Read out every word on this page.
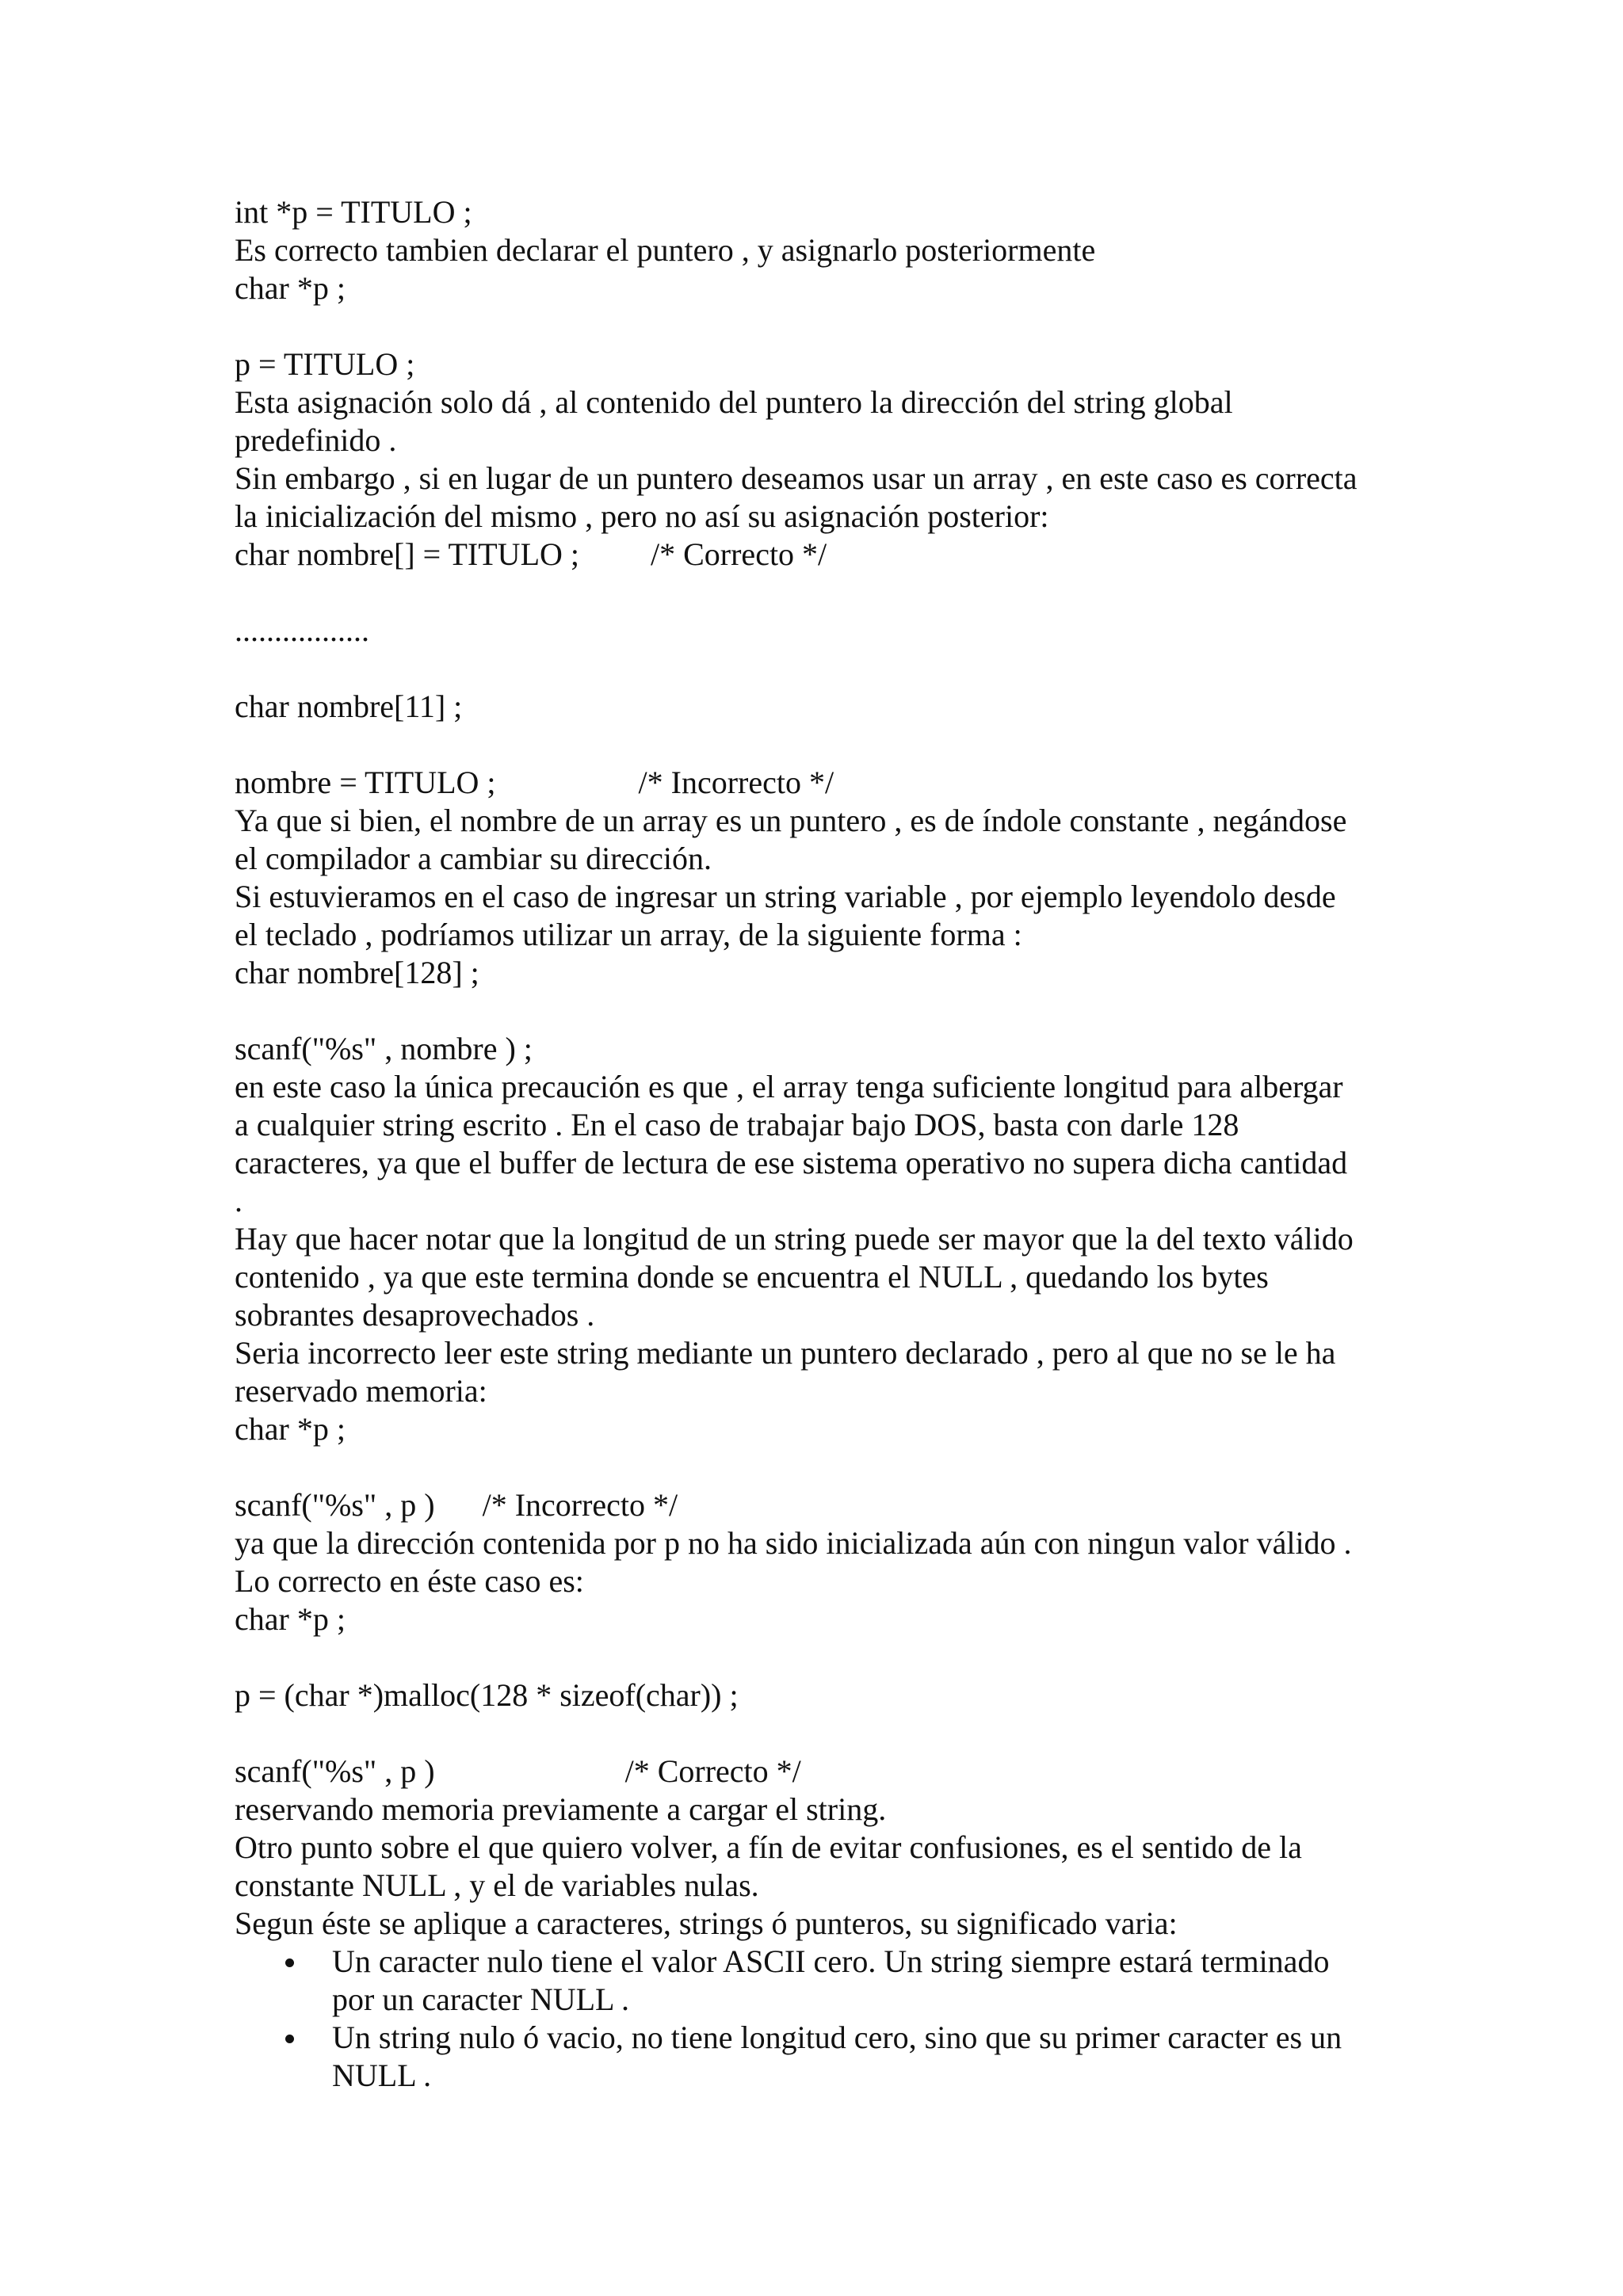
int *p = TITULO ;
Es correcto tambien declarar el puntero , y asignarlo posteriormente
char *p ;
p = TITULO ;
Esta asignación solo dá , al contenido del puntero la dirección del string global
predefinido .
Sin embargo , si en lugar de un puntero deseamos usar un array , en este caso es correcta
la inicialización del mismo , pero no así su asignación posterior:
char nombre[] = TITULO ;         /* Correcto */
.................
char nombre[11] ;
nombre = TITULO ;                  /* Incorrecto */
Ya que si bien, el nombre de un array es un puntero , es de índole constante , negándose
el compilador a cambiar su dirección.
Si estuvieramos en el caso de ingresar un string variable , por ejemplo leyendolo desde
el teclado , podríamos utilizar un array, de la siguiente forma :
char nombre[128] ;
scanf("%s" , nombre ) ;
en este caso la única precaución es que , el array tenga suficiente longitud para albergar
a cualquier string escrito . En el caso de trabajar bajo DOS, basta con darle 128
caracteres, ya que el buffer de lectura de ese sistema operativo no supera dicha cantidad
.
Hay que hacer notar que la longitud de un string puede ser mayor que la del texto válido
contenido , ya que este termina donde se encuentra el NULL , quedando los bytes
sobrantes desaprovechados .
Seria incorrecto leer este string mediante un puntero declarado , pero al que no se le ha
reservado memoria:
char *p ;
scanf("%s" , p )      /* Incorrecto */
ya que la dirección contenida por p no ha sido inicializada aún con ningun valor válido .
Lo correcto en éste caso es:
char *p ;
p = (char *)malloc(128 * sizeof(char)) ;
scanf("%s" , p )                        /* Correcto */
reservando memoria previamente a cargar el string.
Otro punto sobre el que quiero volver, a fín de evitar confusiones, es el sentido de la
constante NULL , y el de variables nulas.
Segun éste se aplique a caracteres, strings ó punteros, su significado varia:
Un caracter nulo tiene el valor ASCII cero. Un string siempre estará terminado
por un caracter NULL .
Un string nulo ó vacio, no tiene longitud cero, sino que su primer caracter es un
NULL .
